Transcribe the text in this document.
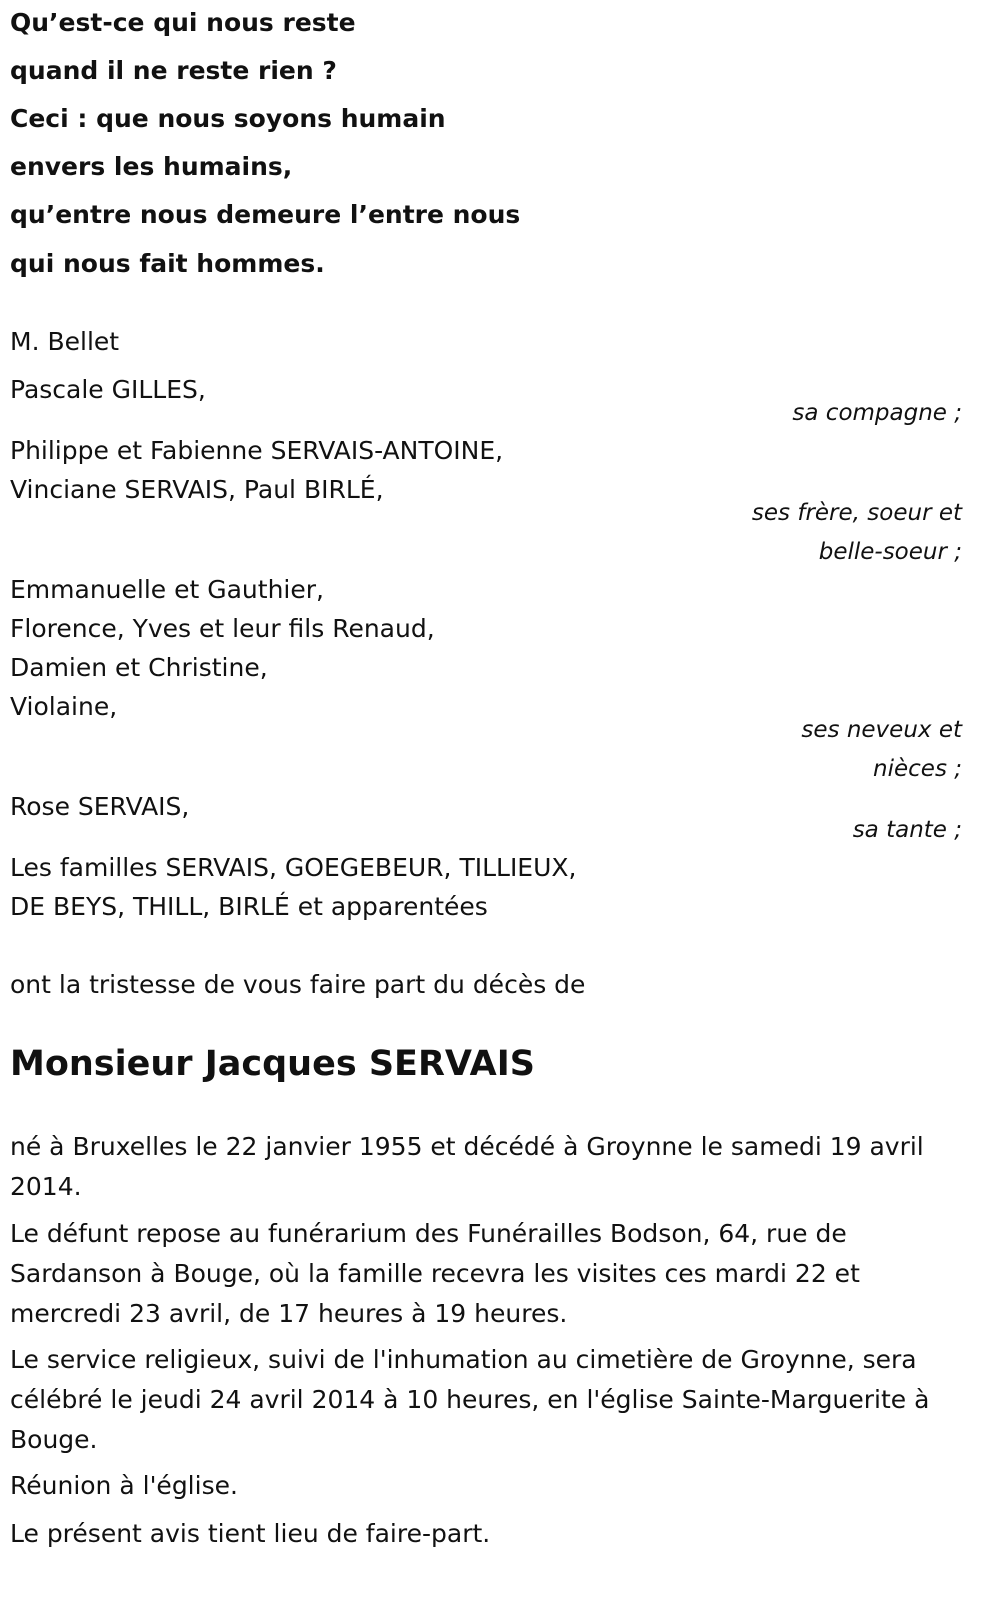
Qu’est-ce qui nous reste
quand il ne reste rien ?
Ceci : que nous soyons humain
envers les humains,
qu’entre nous demeure l’entre nous
qui nous fait hommes.
M. Bellet
Pascale GILLES,
sa compagne ;
Philippe et Fabienne SERVAIS-ANTOINE,
Vinciane SERVAIS, Paul BIRLÉ,
ses frère, soeur et
belle-soeur ;
Emmanuelle et Gauthier,
Florence, Yves et leur fils Renaud,
Damien et Christine,
Violaine,
ses neveux et
nièces ;
Rose SERVAIS,
sa tante ;
Les familles SERVAIS, GOEGEBEUR, TILLIEUX,
DE BEYS, THILL, BIRLÉ et apparentées
ont la tristesse de vous faire part du décès de
Monsieur Jacques SERVAIS
né à Bruxelles le 22 janvier 1955 et décédé à Groynne le samedi 19 avril 2014.
Le défunt repose au funérarium des Funérailles Bodson, 64, rue de Sardanson à Bouge, où la famille recevra les visites ces mardi 22 et mercredi 23 avril, de 17 heures à 19 heures.
Le service religieux, suivi de l'inhumation au cimetière de Groynne, sera célébré le jeudi 24 avril 2014 à 10 heures, en l'église Sainte-Marguerite à Bouge.
Réunion à l'église.
Le présent avis tient lieu de faire-part.
